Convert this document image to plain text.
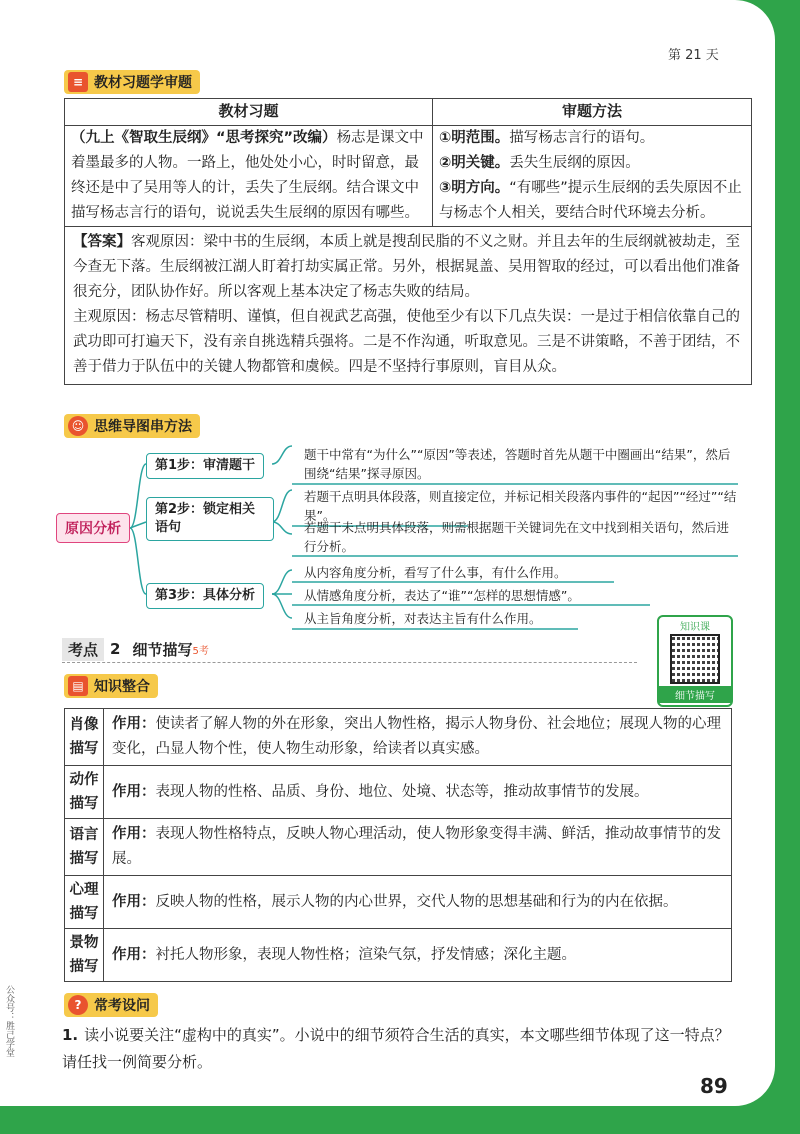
第 21 天
≡ 教材习题学审题
教材习题	审题方法
（九上《智取生辰纲》“思考探究”改编）杨志是课文中着墨最多的人物。一路上，他处处小心，时时留意，最终还是中了吴用等人的计，丢失了生辰纲。结合课文中描写杨志言行的语句，说说丢失生辰纲的原因有哪些。	①明范围。描写杨志言行的语句。
②明关键。丢失生辰纲的原因。
③明方向。“有哪些”提示生辰纲的丢失原因不止与杨志个人相关，要结合时代环境去分析。

【答案】客观原因：梁中书的生辰纲，本质上就是搜刮民脂的不义之财。并且去年的生辰纲就被劫走，至今查无下落。生辰纲被江湖人盯着打劫实属正常。另外，根据晁盖、吴用智取的经过，可以看出他们准备很充分，团队协作好。所以客观上基本决定了杨志失败的结局。
主观原因：杨志尽管精明、谨慎，但自视武艺高强，使他至少有以下几点失误：一是过于相信依靠自己的武功即可打遍天下，没有亲自挑选精兵强将。二是不作沟通，听取意见。三是不讲策略，不善于团结，不善于借力于队伍中的关键人物都管和虞候。四是不坚持行事原则，盲目从众。	
☺ 思维导图串方法
原因分析
第1步：审清题干
第2步：锁定相关语句
第3步：具体分析
题干中常有“为什么”“原因”等表述，答题时首先从题干中圈画出“结果”，然后围绕“结果”探寻原因。
若题干点明具体段落，则直接定位，并标记相关段落内事件的“起因”“经过”“结果”。
若题干未点明具体段落，则需根据题干关键词先在文中找到相关语句，然后进行分析。
从内容角度分析，看写了什么事，有什么作用。
从情感角度分析，表达了“谁”“怎样的思想情感”。
从主旨角度分析，对表达主旨有什么作用。
考点 2 细节描写 5考
知识课
细节描写
▤ 知识整合
肖像描写	作用：使读者了解人物的外在形象，突出人物性格，揭示人物身份、社会地位；展现人物的心理变化，凸显人物个性，使人物生动形象，给读者以真实感。
动作描写	作用：表现人物的性格、品质、身份、地位、处境、状态等，推动故事情节的发展。
语言描写	作用：表现人物性格特点，反映人物心理活动，使人物形象变得丰满、鲜活，推动故事情节的发展。
心理描写	作用：反映人物的性格，展示人物的内心世界，交代人物的思想基础和行为的内在依据。
景物描写	作用：衬托人物形象，表现人物性格；渲染气氛，抒发情感；深化主题。
? 常考设问
1. 读小说要关注“虚构中的真实”。小说中的细节须符合生活的真实，本文哪些细节体现了这一特点？请任找一例简要分析。
89
公众号：胜己学堂
